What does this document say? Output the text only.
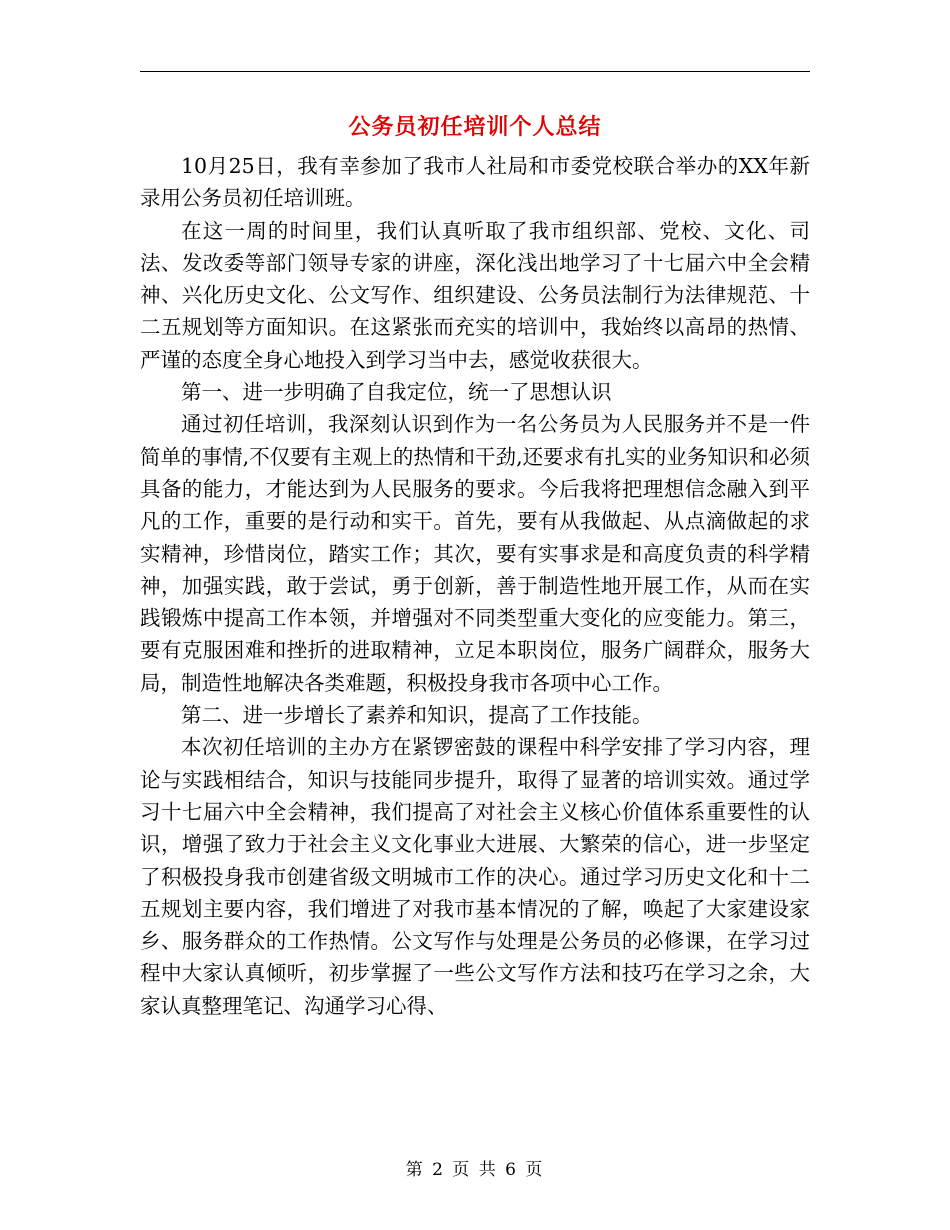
公务员初任培训个人总结

10月25日，我有幸参加了我市人社局和市委党校联合举办的XX年新录用公务员初任培训班。

在这一周的时间里，我们认真听取了我市组织部、党校、文化、司法、发改委等部门领导专家的讲座，深化浅出地学习了十七届六中全会精神、兴化历史文化、公文写作、组织建设、公务员法制行为法律规范、十二五规划等方面知识。在这紧张而充实的培训中，我始终以高昂的热情、严谨的态度全身心地投入到学习当中去，感觉收获很大。

第一、进一步明确了自我定位，统一了思想认识

通过初任培训，我深刻认识到作为一名公务员为人民服务并不是一件简单的事情,不仅要有主观上的热情和干劲,还要求有扎实的业务知识和必须具备的能力，才能达到为人民服务的要求。今后我将把理想信念融入到平凡的工作，重要的是行动和实干。首先，要有从我做起、从点滴做起的求实精神，珍惜岗位，踏实工作；其次，要有实事求是和高度负责的科学精神，加强实践，敢于尝试，勇于创新，善于制造性地开展工作，从而在实践锻炼中提高工作本领，并增强对不同类型重大变化的应变能力。第三，要有克服困难和挫折的进取精神，立足本职岗位，服务广阔群众，服务大局，制造性地解决各类难题，积极投身我市各项中心工作。

第二、进一步增长了素养和知识，提高了工作技能。

本次初任培训的主办方在紧锣密鼓的课程中科学安排了学习内容，理论与实践相结合，知识与技能同步提升，取得了显著的培训实效。通过学习十七届六中全会精神，我们提高了对社会主义核心价值体系重要性的认识，增强了致力于社会主义文化事业大进展、大繁荣的信心，进一步坚定了积极投身我市创建省级文明城市工作的决心。通过学习历史文化和十二五规划主要内容，我们增进了对我市基本情况的了解，唤起了大家建设家乡、服务群众的工作热情。公文写作与处理是公务员的必修课，在学习过程中大家认真倾听，初步掌握了一些公文写作方法和技巧在学习之余，大家认真整理笔记、沟通学习心得、

第 2 页 共 6 页
